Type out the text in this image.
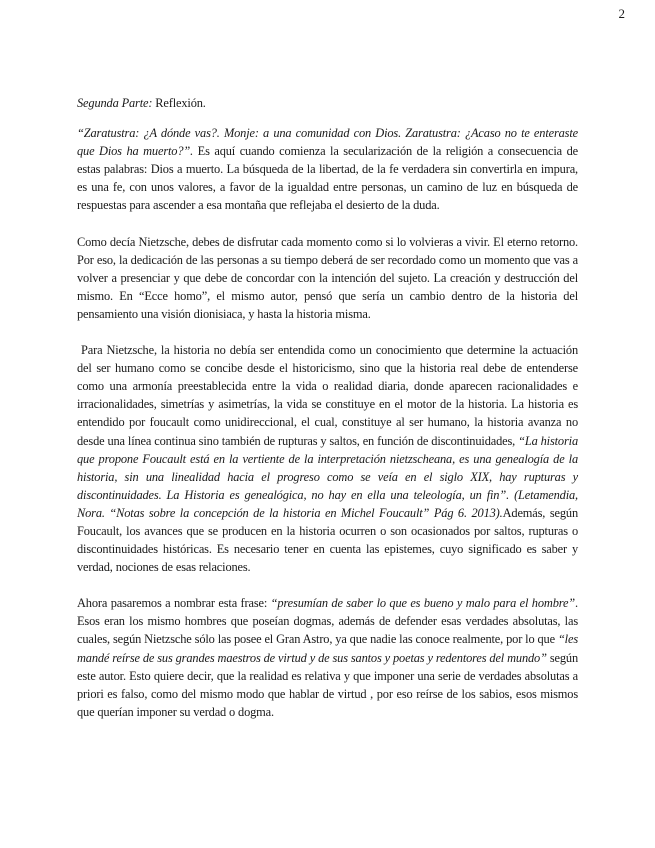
2

Segunda Parte: Reflexión.

“Zaratustra: ¿A dónde vas?. Monje: a una comunidad con Dios. Zaratustra: ¿Acaso no te enteraste que Dios ha muerto?”. Es aquí cuando comienza la secularización de la religión a consecuencia de estas palabras: Dios a muerto. La búsqueda de la libertad, de la fe verdadera sin convertirla en impura, es una fe, con unos valores, a favor de la igualdad entre personas, un camino de luz en búsqueda de respuestas para ascender a esa montaña que reflejaba el desierto de la duda.

Como decía Nietzsche, debes de disfrutar cada momento como si lo volvieras a vivir. El eterno retorno. Por eso, la dedicación de las personas a su tiempo deberá de ser recordado como un momento que vas a volver a presenciar y que debe de concordar con la intención del sujeto. La creación y destrucción del mismo. En “Ecce homo”, el mismo autor, pensó que sería un cambio dentro de la historia del pensamiento una visión dionisiaca, y hasta la historia misma.

Para Nietzsche, la historia no debía ser entendida como un conocimiento que determine la actuación del ser humano como se concibe desde el historicismo, sino que la historia real debe de entenderse como una armonía preestablecida entre la vida o realidad diaria, donde aparecen racionalidades e irracionalidades, simetrías y asimetrías, la vida se constituye en el motor de la historia. La historia es entendido por foucault como unidireccional, el cual, constituye al ser humano, la historia avanza no desde una línea continua sino también de rupturas y saltos, en función de discontinuidades, “La historia que propone Foucault está en la vertiente de la interpretación nietzscheana, es una genealogía de la historia, sin una linealidad hacia el progreso como se veía en el siglo XIX, hay rupturas y discontinuidades. La Historia es genealógica, no hay en ella una teleología, un fin”. (Letamendia, Nora. “Notas sobre la concepción de la historia en Michel Foucault” Pág 6. 2013).Además, según Foucault, los avances que se producen en la historia ocurren o son ocasionados por saltos, rupturas o discontinuidades históricas. Es necesario tener en cuenta las epistemes, cuyo significado es saber y verdad, nociones de esas relaciones.

Ahora pasaremos a nombrar esta frase: “presumían de saber lo que es bueno y malo para el hombre”. Esos eran los mismo hombres que poseían dogmas, además de defender esas verdades absolutas, las cuales, según Nietzsche sólo las posee el Gran Astro, ya que nadie las conoce realmente, por lo que “les mandé reírse de sus grandes maestros de virtud y de sus santos y poetas y redentores del mundo” según este autor. Esto quiere decir, que la realidad es relativa y que imponer una serie de verdades absolutas a priori es falso, como del mismo modo que hablar de virtud , por eso reírse de los sabios, esos mismos que querían imponer su verdad o dogma.
